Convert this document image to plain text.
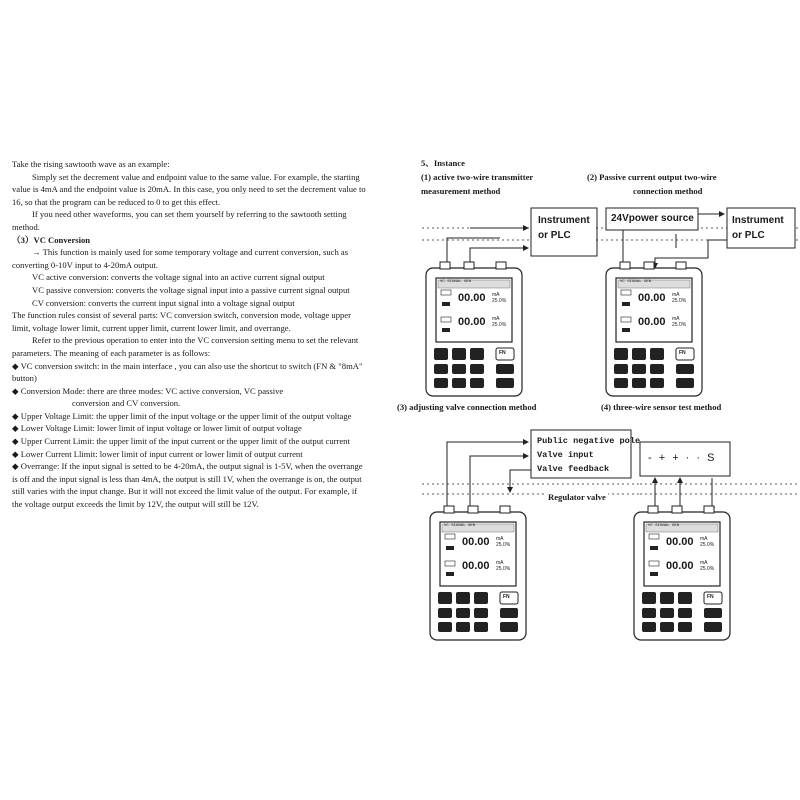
Take the rising sawtooth wave as an example:

Simply set the decrement value and endpoint value to the same value. For example, the starting value is 4mA and the endpoint value is 20mA. In this case, you only need to set the decrement value to 16, so that the program can be reduced to 0 to get this effect.

If you need other waveforms, you can set them yourself by referring to the sawtooth setting method.

（3）VC Conversion

→ This function is mainly used for some temporary voltage and current conversion, such as converting 0-10V input to 4-20mA output.

VC active conversion: converts the voltage signal into an active current signal output

VC passive conversion: converts the voltage signal input into a passive current signal output

CV conversion: converts the current input signal into a voltage signal output

The function rules consist of several parts: VC conversion switch, conversion mode, voltage upper limit, voltage lower limit, current upper limit, current lower limit, and overrange.

Refer to the previous operation to enter into the VC conversion setting menu to set the relevant parameters. The meaning of each parameter is as follows:

◆ VC conversion switch: in the main interface , you can also use the shortcut to switch (FN & "8mA" button)

◆ Conversion Mode: there are three modes: VC active conversion, VC passive

conversion and CV conversion.

◆ Upper Voltage Limit: the upper limit of the input voltage or the upper limit of the output voltage

◆ Lower Voltage Limit: lower limit of input voltage or lower limit of output voltage

◆ Upper Current Limit: the upper limit of the input current or the upper limit of the output current

◆ Lower Current Llimit: lower limit of input current or lower limit of output current

◆ Overrange: If the input signal is setted to be 4-20mA, the output signal is 1-5V, when the overrange is off and the input signal is less than 4mA, the output is still 1V, when the overrange is on, the output still varies with the input change. But it will not exceed the limit value of the output. For example, if the voltage output exceeds the limit by 12V, the output will still be 12V.

5、Instance
(1) active two-wire transmitter	(2) Passive current output two-wire
measurement method	connection method
(3) adjusting valve connection method	(4) three-wire sensor test method
Instrument
or PLC
24Vpower source	Instrument
or PLC
Public negative pole
Valve input
Valve feedback
Regulator valve
- + + · · S
00.00
00.00
00.00
00.00
00.00
00.00
00.00
00.00
VC SIGNAL GEN	VC SIGNAL GEN
VC SIGNAL GEN	VC SIGNAL GEN
mA
25.0%
mA
25.0%
mA
25.0%
mA
25.0%
mA
25.0%
mA
25.0%
mA
25.0%
mA
25.0%
FN	FN
FN	FN
